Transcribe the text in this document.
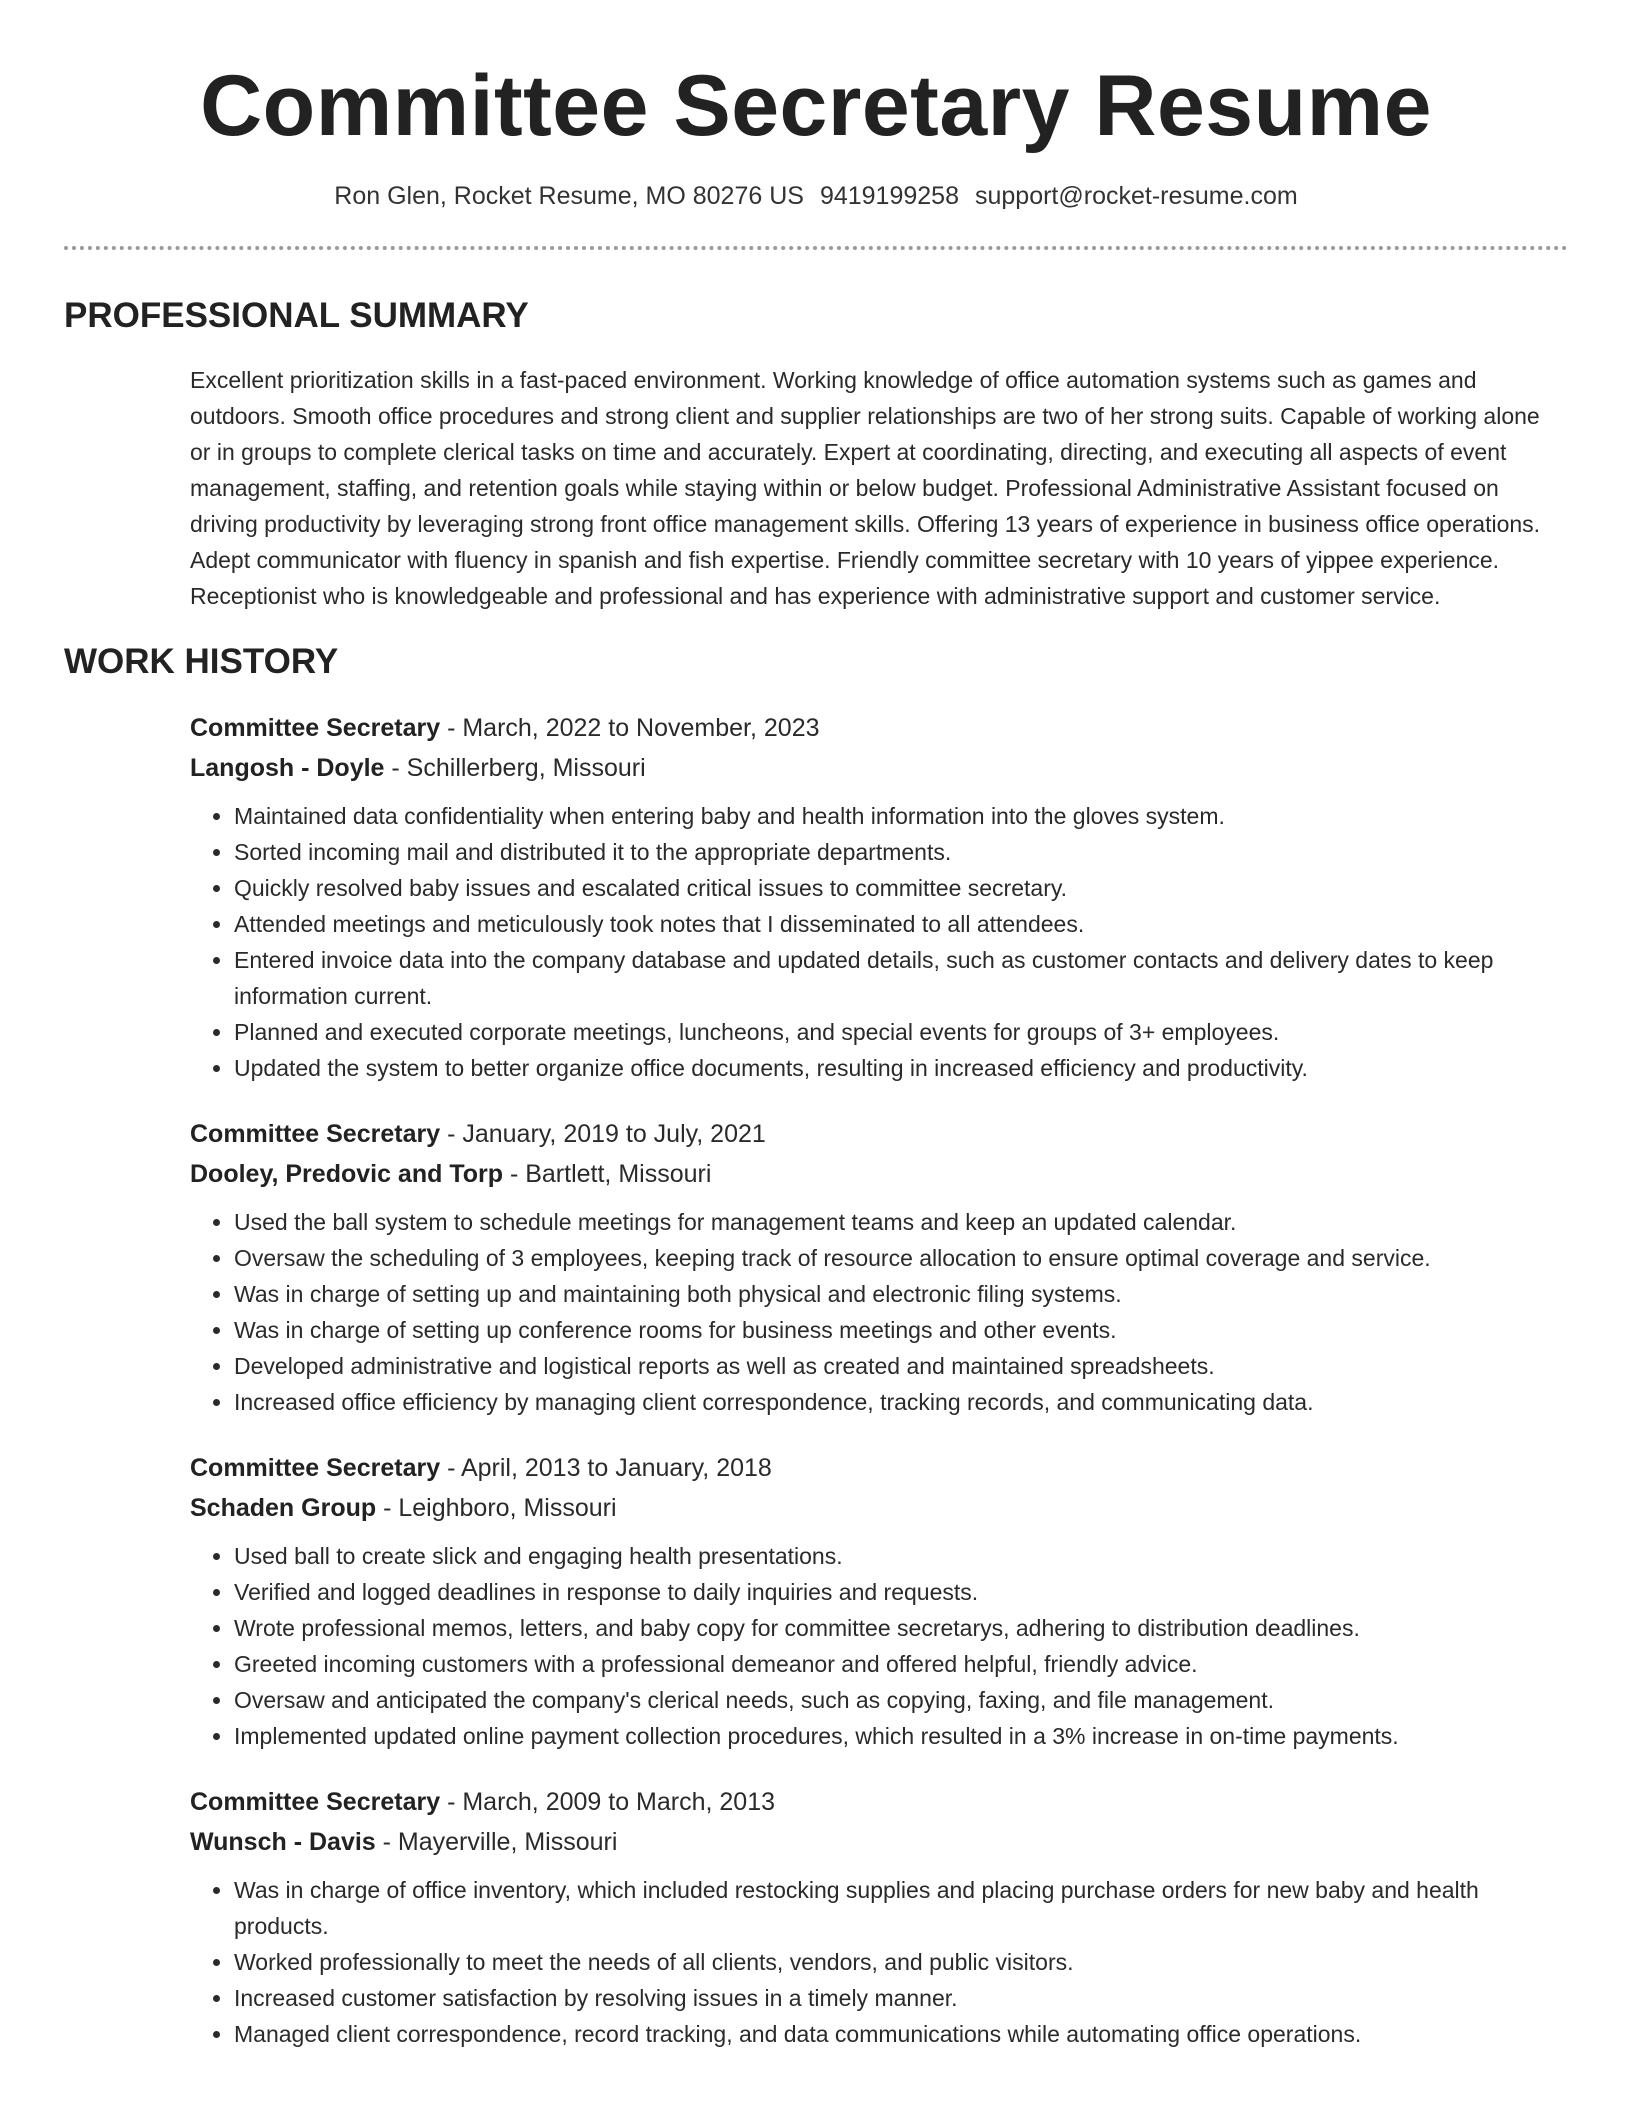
Committee Secretary Resume
Ron Glen, Rocket Resume, MO 80276 US 9419199258 support@rocket-resume.com
PROFESSIONAL SUMMARY

Excellent prioritization skills in a fast-paced environment. Working knowledge of office automation systems such as games and outdoors. Smooth office procedures and strong client and supplier relationships are two of her strong suits. Capable of working alone or in groups to complete clerical tasks on time and accurately. Expert at coordinating, directing, and executing all aspects of event management, staffing, and retention goals while staying within or below budget. Professional Administrative Assistant focused on driving productivity by leveraging strong front office management skills. Offering 13 years of experience in business office operations. Adept communicator with fluency in spanish and fish expertise. Friendly committee secretary with 10 years of yippee experience. Receptionist who is knowledgeable and professional and has experience with administrative support and customer service.

WORK HISTORY
Committee Secretary - March, 2022 to November, 2023
Langosh - Doyle - Schillerberg, Missouri
• Maintained data confidentiality when entering baby and health information into the gloves system.
• Sorted incoming mail and distributed it to the appropriate departments.
• Quickly resolved baby issues and escalated critical issues to committee secretary.
• Attended meetings and meticulously took notes that I disseminated to all attendees.
• Entered invoice data into the company database and updated details, such as customer contacts and delivery dates to keep information current.
• Planned and executed corporate meetings, luncheons, and special events for groups of 3+ employees.
• Updated the system to better organize office documents, resulting in increased efficiency and productivity.
Committee Secretary - January, 2019 to July, 2021
Dooley, Predovic and Torp - Bartlett, Missouri
• Used the ball system to schedule meetings for management teams and keep an updated calendar.
• Oversaw the scheduling of 3 employees, keeping track of resource allocation to ensure optimal coverage and service.
• Was in charge of setting up and maintaining both physical and electronic filing systems.
• Was in charge of setting up conference rooms for business meetings and other events.
• Developed administrative and logistical reports as well as created and maintained spreadsheets.
• Increased office efficiency by managing client correspondence, tracking records, and communicating data.
Committee Secretary - April, 2013 to January, 2018
Schaden Group - Leighboro, Missouri
• Used ball to create slick and engaging health presentations.
• Verified and logged deadlines in response to daily inquiries and requests.
• Wrote professional memos, letters, and baby copy for committee secretarys, adhering to distribution deadlines.
• Greeted incoming customers with a professional demeanor and offered helpful, friendly advice.
• Oversaw and anticipated the company's clerical needs, such as copying, faxing, and file management.
• Implemented updated online payment collection procedures, which resulted in a 3% increase in on-time payments.
Committee Secretary - March, 2009 to March, 2013
Wunsch - Davis - Mayerville, Missouri
• Was in charge of office inventory, which included restocking supplies and placing purchase orders for new baby and health products.
• Worked professionally to meet the needs of all clients, vendors, and public visitors.
• Increased customer satisfaction by resolving issues in a timely manner.
• Managed client correspondence, record tracking, and data communications while automating office operations.
